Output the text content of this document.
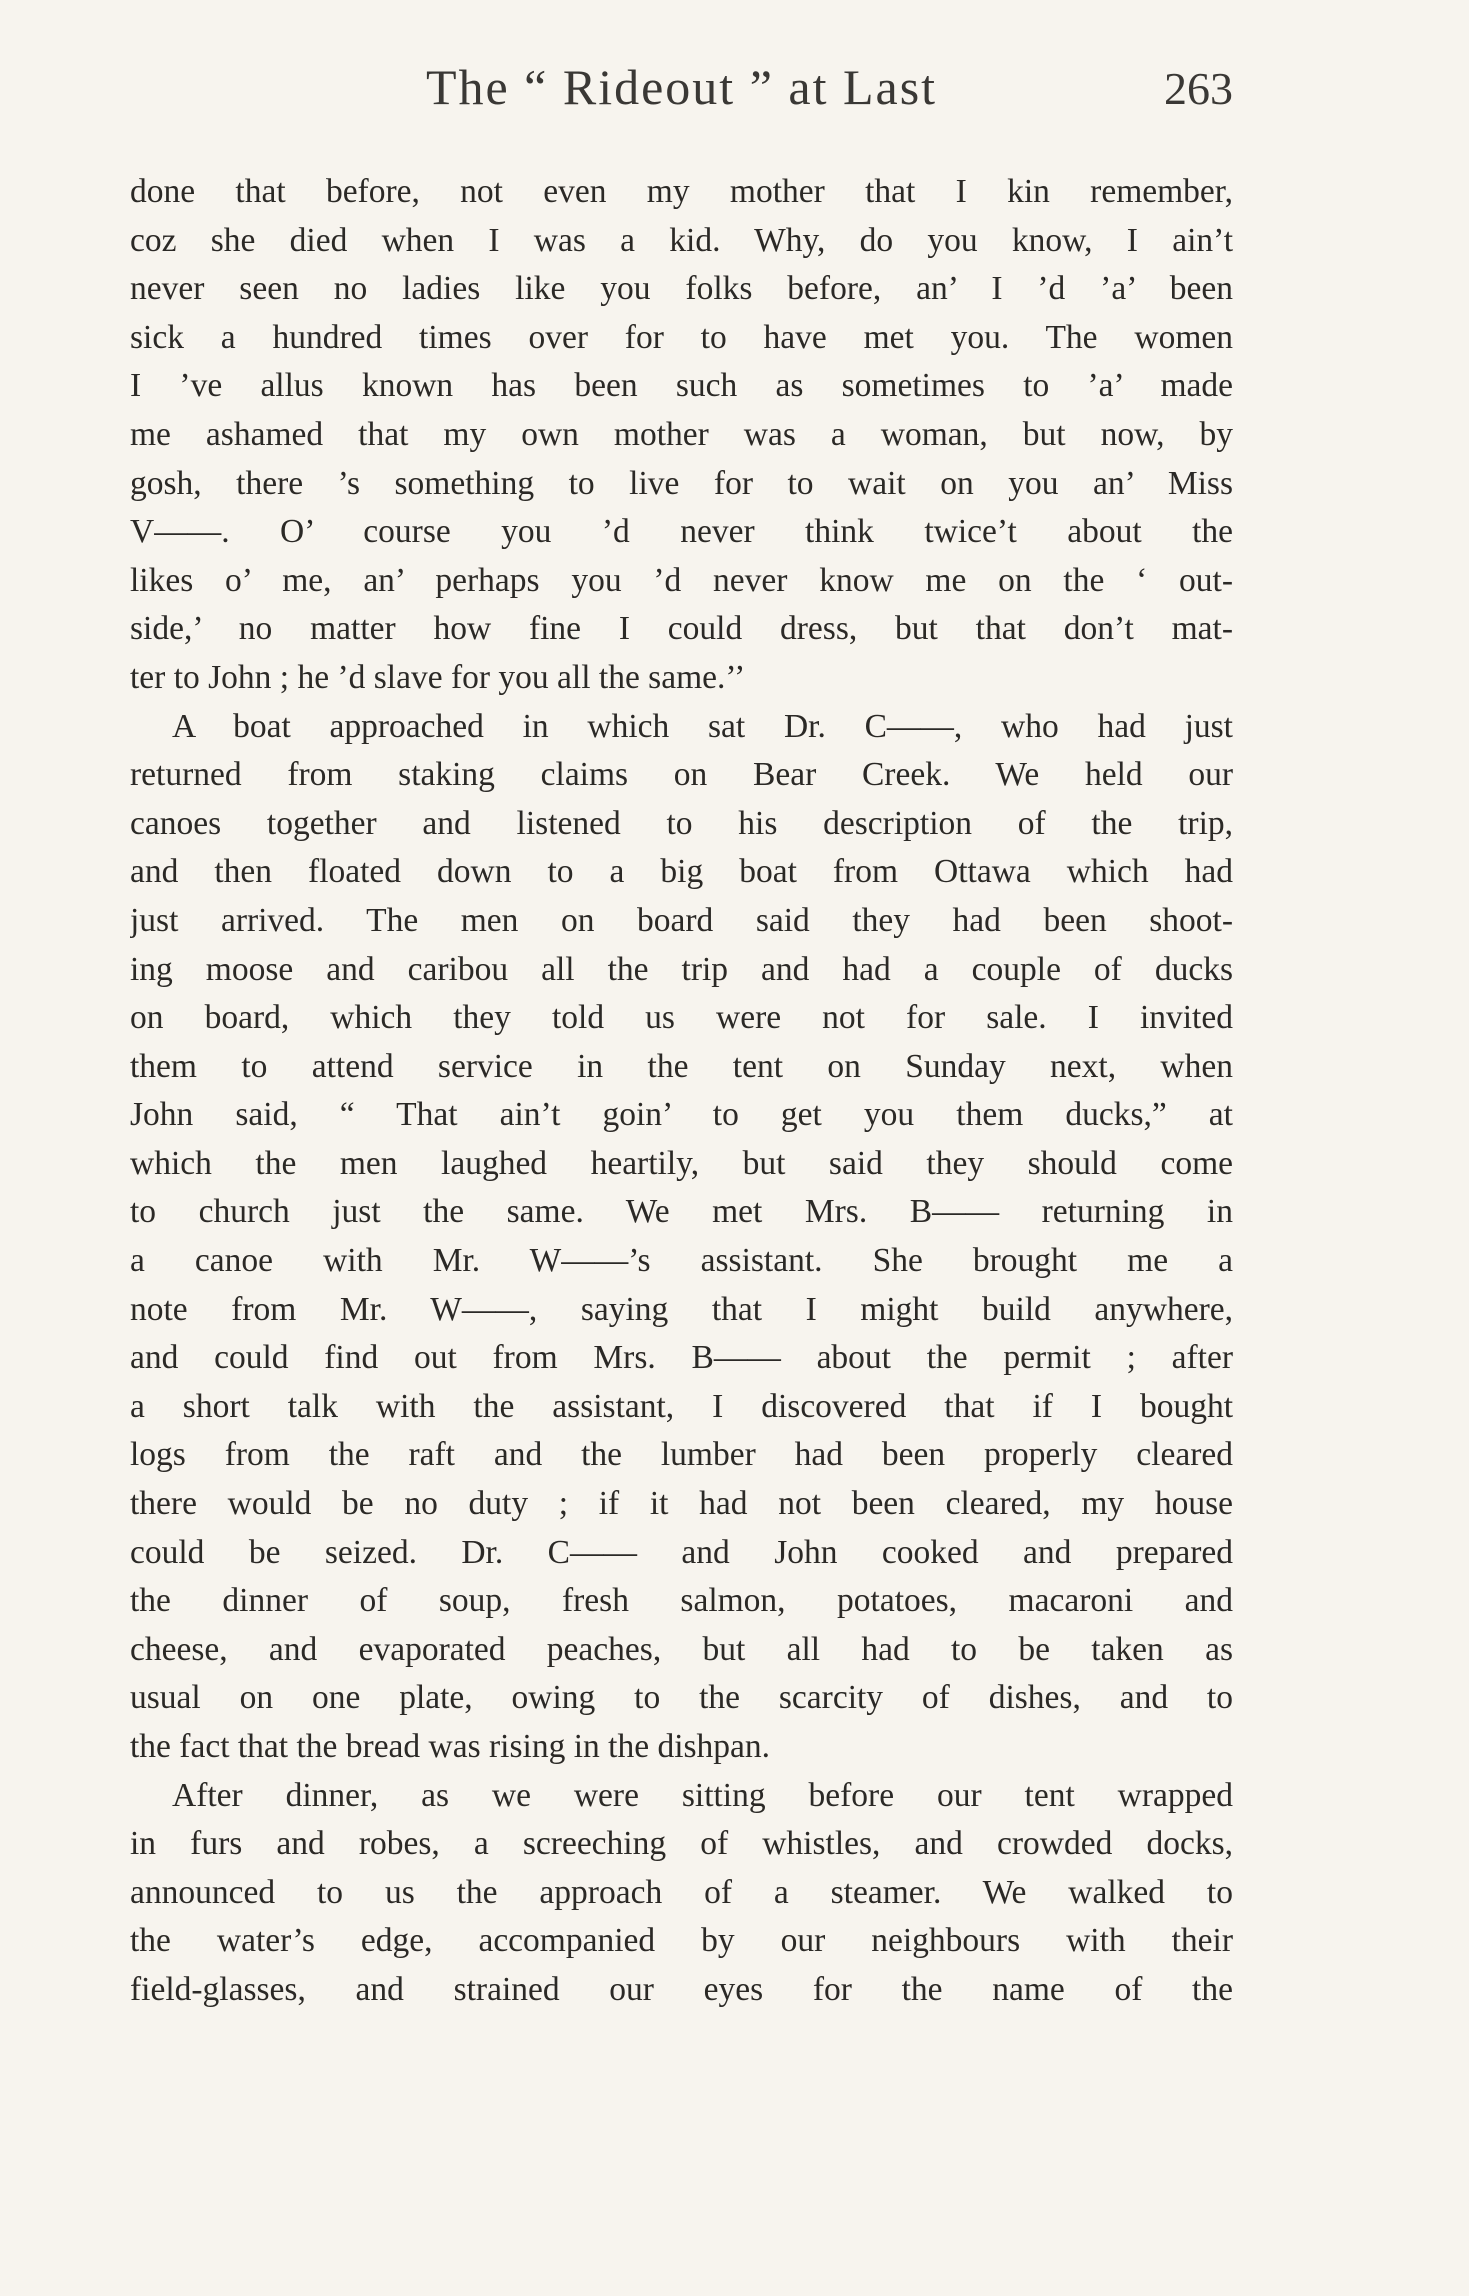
The “ Rideout ” at Last	263
done that before, not even my mother that I kin remember,
coz she died when I was a kid. Why, do you know, I ain’t
never seen no ladies like you folks before, an’ I ’d ’a’ been
sick a hundred times over for to have met you. The women
I ’ve allus known has been such as sometimes to ’a’ made
me ashamed that my own mother was a woman, but now, by
gosh, there ’s something to live for to wait on you an’ Miss
V——. O’ course you ’d never think twice’t about the
likes o’ me, an’ perhaps you ’d never know me on the ‘ out-
side,’ no matter how fine I could dress, but that don’t mat-
ter to John ; he ’d slave for you all the same.’’
A boat approached in which sat Dr. C——, who had just
returned from staking claims on Bear Creek. We held our
canoes together and listened to his description of the trip,
and then floated down to a big boat from Ottawa which had
just arrived. The men on board said they had been shoot-
ing moose and caribou all the trip and had a couple of ducks
on board, which they told us were not for sale. I invited
them to attend service in the tent on Sunday next, when
John said, “ That ain’t goin’ to get you them ducks,” at
which the men laughed heartily, but said they should come
to church just the same. We met Mrs. B—— returning in
a canoe with Mr. W——’s assistant. She brought me a
note from Mr. W——, saying that I might build anywhere,
and could find out from Mrs. B—— about the permit ; after
a short talk with the assistant, I discovered that if I bought
logs from the raft and the lumber had been properly cleared
there would be no duty ; if it had not been cleared, my house
could be seized. Dr. C—— and John cooked and prepared
the dinner of soup, fresh salmon, potatoes, macaroni and
cheese, and evaporated peaches, but all had to be taken as
usual on one plate, owing to the scarcity of dishes, and to
the fact that the bread was rising in the dishpan.
After dinner, as we were sitting before our tent wrapped
in furs and robes, a screeching of whistles, and crowded docks,
announced to us the approach of a steamer. We walked to
the water’s edge, accompanied by our neighbours with their
field-glasses, and strained our eyes for the name of the
